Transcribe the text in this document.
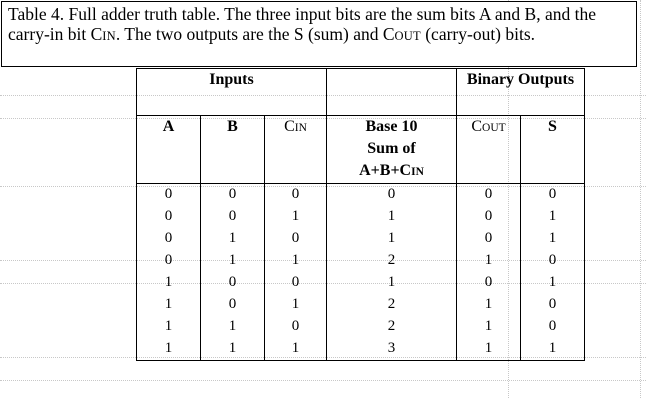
Table 4. Full adder truth table. The three input bits are the sum bits A and B, and the carry-in bit CIN. The two outputs are the S (sum) and COUT (carry-out) bits.
Inputs				Binary Outputs	
A	B	CIN	Base 10
Sum of
A+B+CIN	COUT	S
0	0	0	0	0	0
0	0	1	1	0	1
0	1	0	1	0	1
0	1	1	2	1	0
1	0	0	1	0	1
1	0	1	2	1	0
1	1	0	2	1	0
1	1	1	3	1	1
